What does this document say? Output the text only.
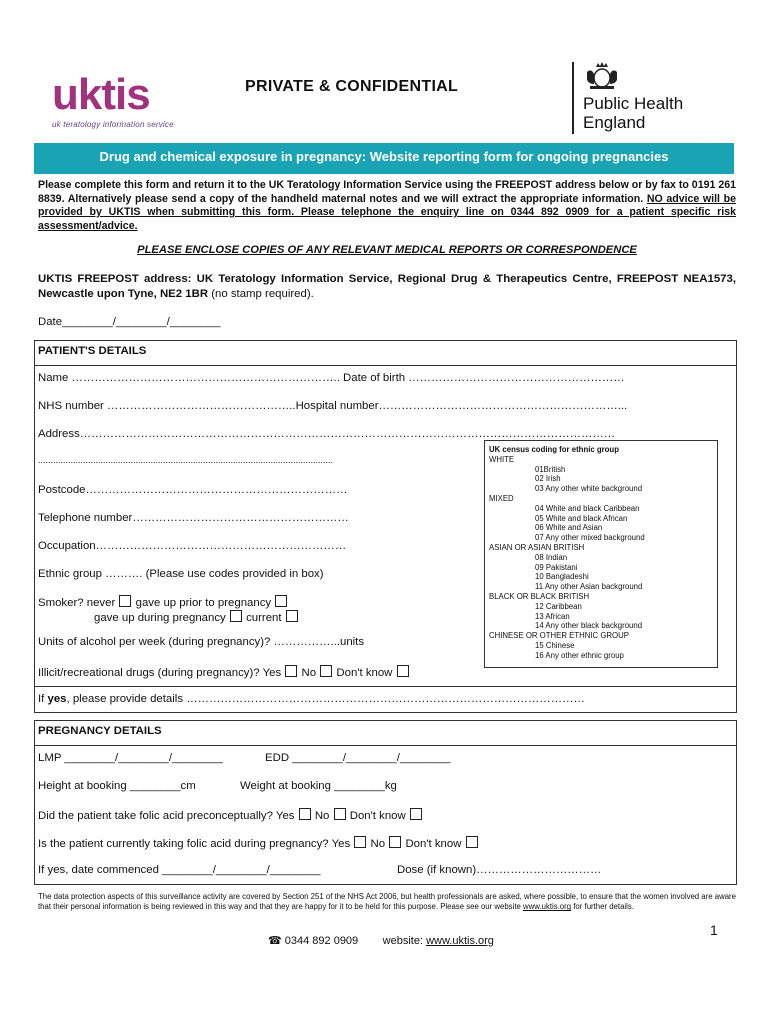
uktis
uk teratology information service
PRIVATE & CONFIDENTIAL
Public Health
England
Drug and chemical exposure in pregnancy: Website reporting form for ongoing pregnancies
Please complete this form and return it to the UK Teratology Information Service using the FREEPOST address below or by fax to 0191 261 8839. Alternatively please send a copy of the handheld maternal notes and we will extract the appropriate information. NO advice will be provided by UKTIS when submitting this form. Please telephone the enquiry line on 0344 892 0909 for a patient specific risk assessment/advice.
PLEASE ENCLOSE COPIES OF ANY RELEVANT MEDICAL REPORTS OR CORRESPONDENCE
UKTIS FREEPOST address: UK Teratology Information Service, Regional Drug & Therapeutics Centre, FREEPOST NEA1573, Newcastle upon Tyne, NE2 1BR (no stamp required).
Date________/________/________
PATIENT'S DETAILS
Name …………………………………………………………….. Date of birth …………………………………………………
NHS number …………………………………………..Hospital number………………………………………………………...
Address……………………………………………………………………………………………………………………………
......................................................................................................................
Postcode……………………………………………………………
Telephone number…………………………………………………
Occupation…………………………………………………………
Ethnic group ………. (Please use codes provided in box)
Smoker? never gave up prior to pregnancy
gave up during pregnancy current
Units of alcohol per week (during pregnancy)? ……………...units
Illicit/recreational drugs (during pregnancy)? Yes No Don't know
If yes, please provide details ……………………………………………………………………………………………
UK census coding for ethnic group
WHITE
01British
02 Irish
03 Any other white background
MIXED
04 White and black Caribbean
05 White and black African
06 White and Asian
07 Any other mixed background
ASIAN OR ASIAN BRITISH
08 Indian
09 Pakistani
10 Bangladeshi
11 Any other Asian background
BLACK OR BLACK BRITISH
12 Caribbean
13 African
14 Any other black background
CHINESE OR OTHER ETHNIC GROUP
15 Chinese
16 Any other ethnic group
PREGNANCY DETAILS
LMP ________/________/________	EDD ________/________/________
Height at booking ________cm	Weight at booking ________kg
Did the patient take folic acid preconceptually? Yes No Don't know
Is the patient currently taking folic acid during pregnancy? Yes No Don't know
If yes, date commenced ________/________/________	Dose (if known)……………………………
The data protection aspects of this surveillance activity are covered by Section 251 of the NHS Act 2006, but health professionals are asked, where possible, to ensure that the women involved are aware that their personal information is being reviewed in this way and that they are happy for it to be held for this purpose. Please see our website www.uktis.org for further details.
1
☎ 0344 892 0909 website: www.uktis.org
